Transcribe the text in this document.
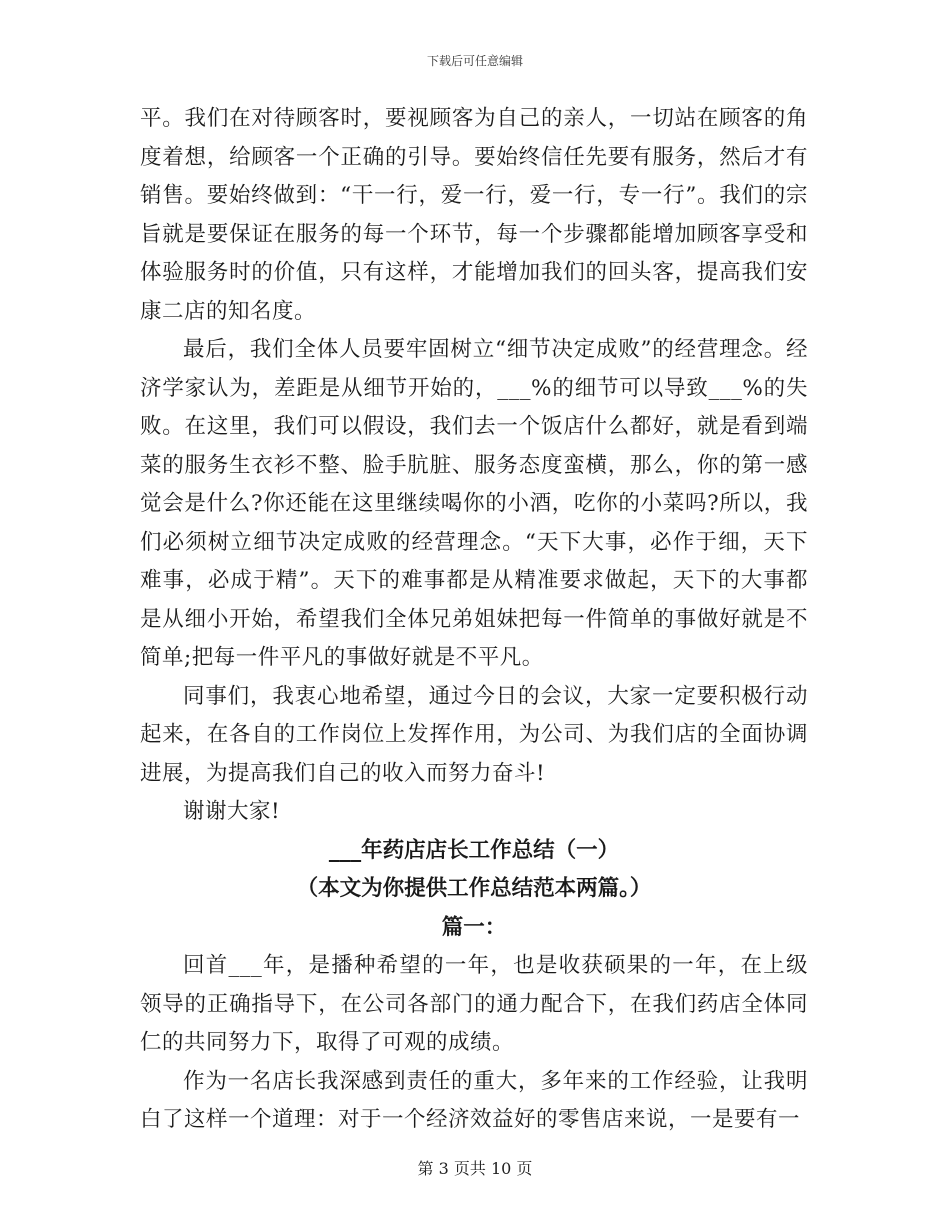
下载后可任意编辑

平。我们在对待顾客时，要视顾客为自己的亲人，一切站在顾客的角度着想，给顾客一个正确的引导。要始终信任先要有服务，然后才有销售。要始终做到：“干一行，爱一行，爱一行，专一行”。我们的宗旨就是要保证在服务的每一个环节，每一个步骤都能增加顾客享受和体验服务时的价值，只有这样，才能增加我们的回头客，提高我们安康二店的知名度。

最后，我们全体人员要牢固树立“细节决定成败”的经营理念。经济学家认为，差距是从细节开始的，___%的细节可以导致___%的失败。在这里，我们可以假设，我们去一个饭店什么都好，就是看到端菜的服务生衣衫不整、脸手肮脏、服务态度蛮横，那么，你的第一感觉会是什么?你还能在这里继续喝你的小酒，吃你的小菜吗?所以，我们必须树立细节决定成败的经营理念。“天下大事，必作于细，天下难事，必成于精”。天下的难事都是从精准要求做起，天下的大事都是从细小开始，希望我们全体兄弟姐妹把每一件简单的事做好就是不简单;把每一件平凡的事做好就是不平凡。

同事们，我衷心地希望，通过今日的会议，大家一定要积极行动起来，在各自的工作岗位上发挥作用，为公司、为我们店的全面协调进展，为提高我们自己的收入而努力奋斗!

谢谢大家!

___年药店店长工作总结（一）

（本文为你提供工作总结范本两篇。）

篇一：

回首___年，是播种希望的一年，也是收获硕果的一年，在上级领导的正确指导下，在公司各部门的通力配合下，在我们药店全体同仁的共同努力下，取得了可观的成绩。

作为一名店长我深感到责任的重大，多年来的工作经验，让我明白了这样一个道理：对于一个经济效益好的零售店来说，一是要有一

第 3 页共 10 页
